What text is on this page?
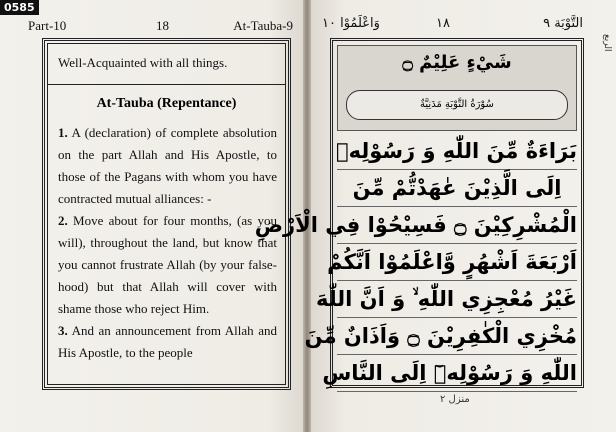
0585
Part-10	18	At-Tauba-9
Well-Acquainted with all things.
At-Tauba (Repentance)

1. A (declaration) of complete absolution on the part Allah and His Apostle, to those of the Pagans with whom you have contracted mutual alliances: -

2. Move about for four months, (as you will), throughout the land, but know that you cannot frustrate Allah (by your false-hood) but that Allah will cover with shame those who reject Him.

3. And an announcement from Allah and His Apostle, to the people

وَاعْلَمُوْا ١٠	١٨	التَّوْبَة ٩
شَيْءٍ عَلِيْمٌ ۝
سُوْرَةُ التَّوْبَةِ مَدَنِيَّةٌ
بَرَاءَةٌ مِّنَ اللّٰهِ وَ رَسُوْلِهٖ
اِلَى الَّذِيْنَ عٰهَدْتُّمْ مِّنَ
الْمُشْرِكِيْنَ ۝ فَسِيْحُوْا فِي الْاَرْضِ
اَرْبَعَةَ اَشْهُرٍ وَّاعْلَمُوْا اَنَّكُمْ
غَيْرُ مُعْجِزِي اللّٰهِ ۙ وَ اَنَّ اللّٰهَ
مُخْزِي الْكٰفِرِيْنَ ۝ وَاَذَانٌ مِّنَ
اللّٰهِ وَ رَسُوْلِهٖٓ اِلَى النَّاسِ
الربع
منزل ٢
